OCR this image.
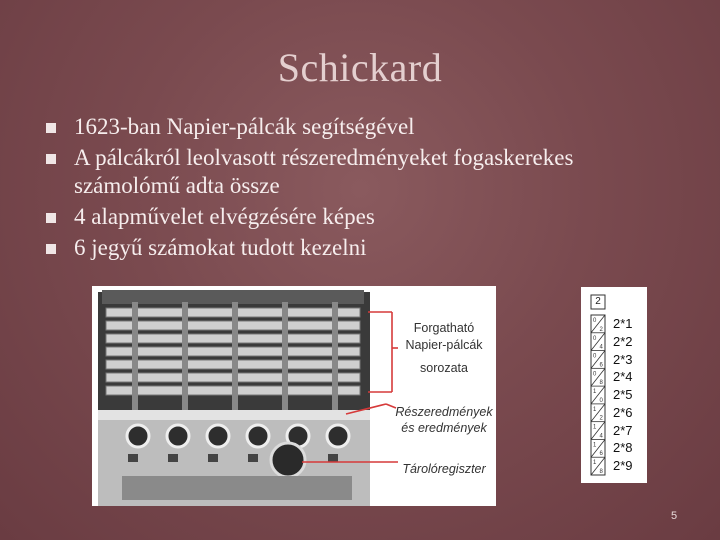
Schickard
1623-ban Napier-pálcák segítségével
A pálcákról leolvasott részeredményeket fogaskerekes számolómű adta össze
4 alapművelet elvégzésére képes
6 jegyű számokat tudott kezelni
Forgatható
Napier-pálcák
sorozata
Részeredmények
és eredmények
Tárolóregiszter
0
2
0
4
0
6
0
8
1
0
1
2
1
4
1
6
1
8
2
2*1
2*2
2*3
2*4
2*5
2*6
2*7
2*8
2*9
5
